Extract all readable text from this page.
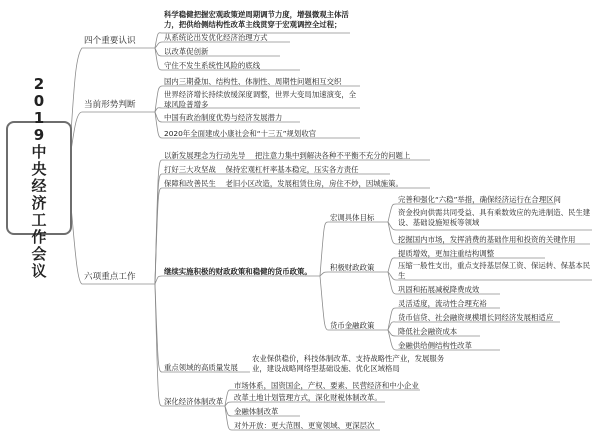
2019中央经济工作会议
四个重要认识
当前形势判断
六项重点工作
科学稳健把握宏观政策逆周期调节力度，增强微观主体活力，把供给侧结构性改革主线贯穿于宏观调控全过程；
从系统论出发优化经济治理方式
以改革促创新
守住不发生系统性风险的底线
国内三期叠加、结构性、体制性、周期性问题相互交织
世界经济增长持续放缓深度调整，世界大变局加速演变，全球风险普增多
中国有政治制度优势与经济发展潜力
2020年全面建成小康社会和“十三五”规划收官
以新发展理念为行动先导　 把注意力集中到解决各种不平衡不充分的问题上
打好三大攻坚战　 保持宏观杠杆率基本稳定，压实各方责任
保障和改善民生　 老旧小区改造，发展租赁住房，房住不炒，因城施策。
继续实施积极的财政政策和稳健的货币政策。
重点领域的高质量发展
深化经济体制改革
宏调具体目标
积极财政政策
货币金融政策
完善和强化“六稳”举措，确保经济运行在合理区间
资金投向供需共同受益、具有乘数效应的先进制造、民生建设、基础设施短板等领域
挖掘国内市场，发挥消费的基础作用和投资的关键作用
提质增效，更加注重结构调整
压缩一般性支出，重点支持基层保工资、保运转、保基本民生
巩固和拓展减税降费成效
灵活适度，流动性合理充裕
货币信贷、社会融资规模增长同经济发展相适应
降低社会融资成本
金融供给侧结构性改革
农业保供稳价，科技体制改革、支持战略性产业，发展服务业，建设战略网络型基础设施、优化区域格局
市场体系，国资国企，产权、要素、民营经济和中小企业
改革土地计划管理方式，深化财税体制改革。
金融体制改革
对外开放：更大范围、更宽领域、更深层次
